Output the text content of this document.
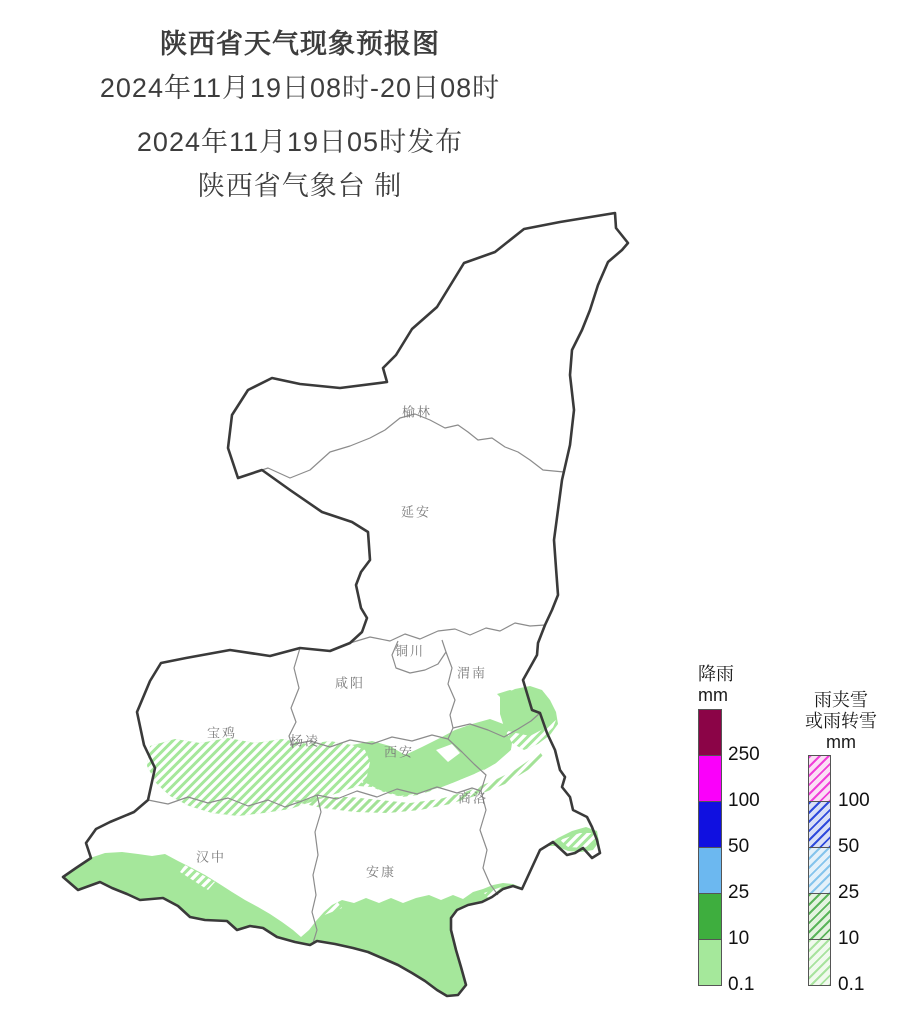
陕西省天气现象预报图
2024年11月19日08时-20日08时
2024年11月19日05时发布
陕西省气象台 制
榆林
延安
铜川
渭南
咸阳
宝鸡
杨凌
西安
商洛
汉中
安康
降雨
mm
250
100
50
25
10
0.1
雨夹雪
或雨转雪
mm
100
50
25
10
0.1
